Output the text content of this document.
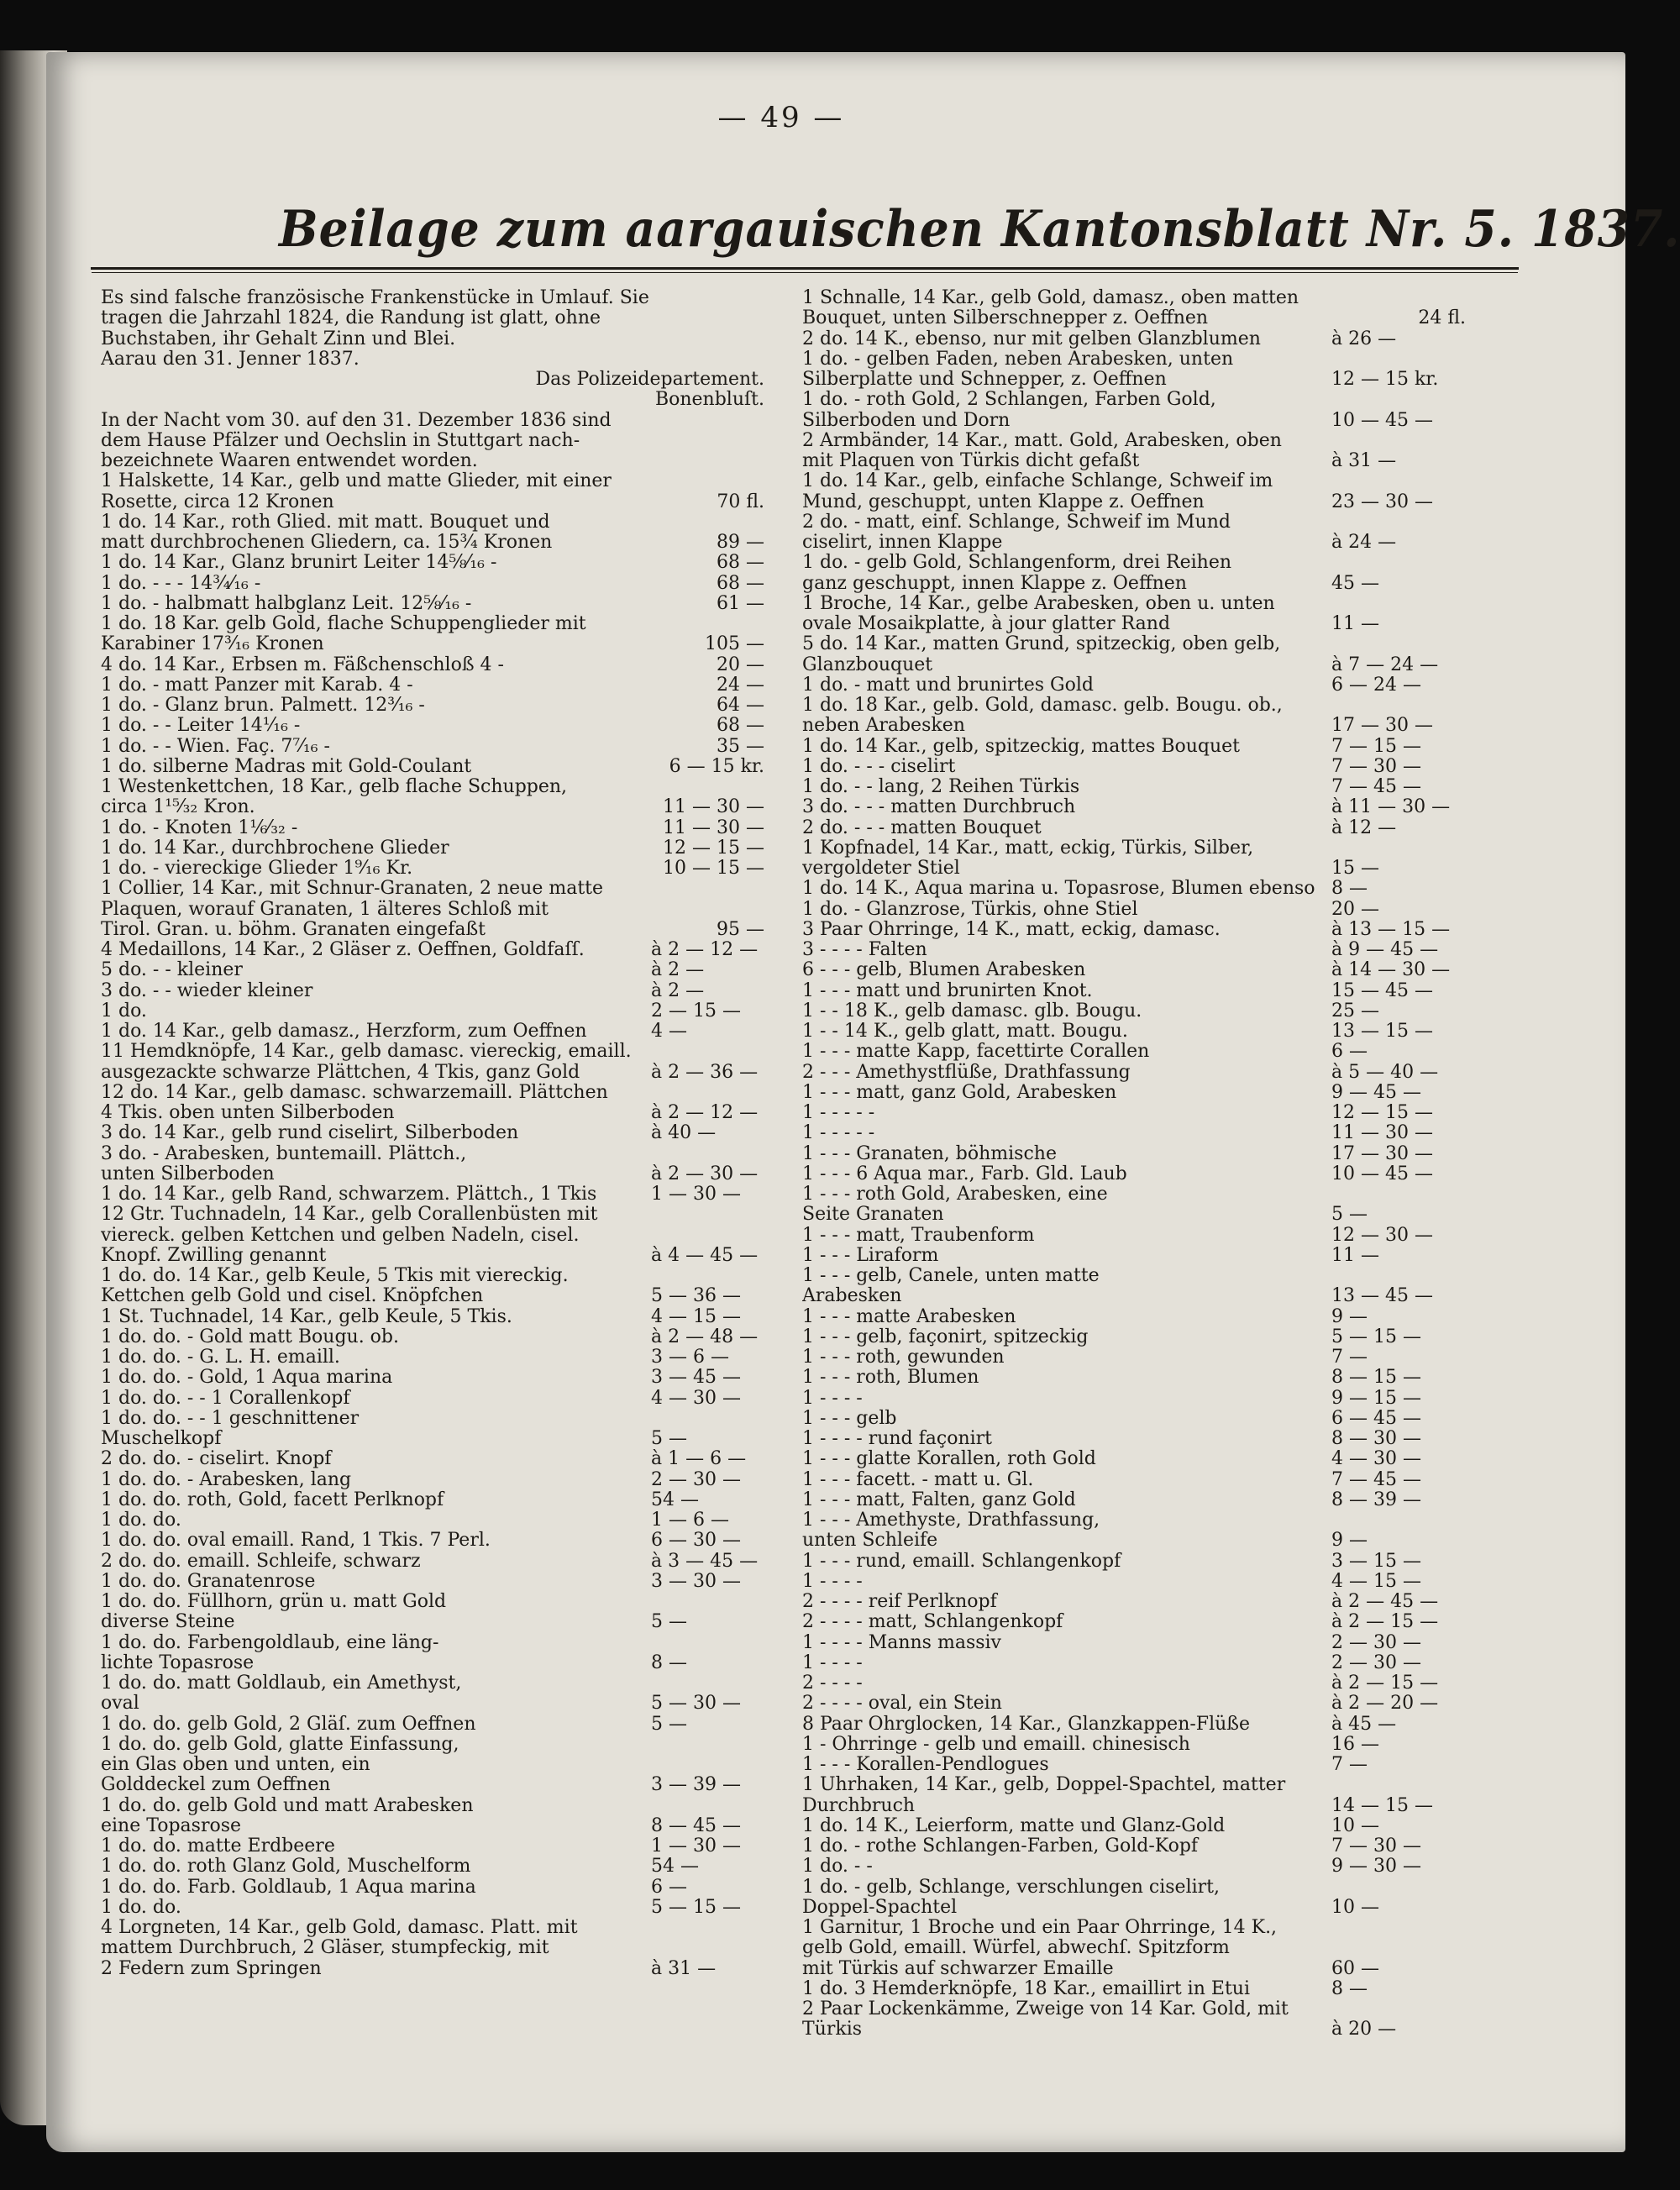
— 49 —
Beilage zum aargauischen Kantonsblatt Nr. 5. 1837.
Es sind falsche französische Frankenstücke in Umlauf. Sie
tragen die Jahrzahl 1824, die Randung ist glatt, ohne
Buchstaben, ihr Gehalt Zinn und Blei.
Aarau den 31. Jenner 1837.
Das Polizeidepartement.
Bonenbluſt.
In der Nacht vom 30. auf den 31. Dezember 1836 sind
dem Hause Pfälzer und Oechslin in Stuttgart nach-
bezeichnete Waaren entwendet worden.
1 Halskette, 14 Kar., gelb und matte Glieder, mit einer
Rosette, circa 12 Kronen	70 fl.
1 do. 14 Kar., roth Glied. mit matt. Bouquet und
matt durchbrochenen Gliedern, ca. 15¾ Kronen	89 —
1 do. 14 Kar., Glanz brunirt Leiter 14⅝⁄₁₆ -	68 —
1 do. - - - 14¾⁄₁₆ -	68 —
1 do. - halbmatt halbglanz Leit. 12⅝⁄₁₆ -	61 —
1 do. 18 Kar. gelb Gold, flache Schuppenglieder mit
Karabiner 17³⁄₁₆ Kronen	105 —
4 do. 14 Kar., Erbsen m. Fäßchenschloß 4 -	20 —
1 do. - matt Panzer mit Karab. 4 -	24 —
1 do. - Glanz brun. Palmett. 12³⁄₁₆ -	64 —
1 do. - - Leiter 14⅟₁₆ -	68 —
1 do. - - Wien. Faç. 7⁷⁄₁₆ -	35 —
1 do. silberne Madras mit Gold-Coulant	6 — 15 kr.
1 Westenkettchen, 18 Kar., gelb flache Schuppen,
circa 1¹⁵⁄₃₂ Kron.	11 — 30 —
1 do. - Knoten 1⅙⁄₃₂ -	11 — 30 —
1 do. 14 Kar., durchbrochene Glieder	12 — 15 —
1 do. - viereckige Glieder 1⁹⁄₁₆ Kr.	10 — 15 —
1 Collier, 14 Kar., mit Schnur-Granaten, 2 neue matte
Plaquen, worauf Granaten, 1 älteres Schloß mit
Tirol. Gran. u. böhm. Granaten eingefaßt	95 —
4 Medaillons, 14 Kar., 2 Gläser z. Oeffnen, Goldfaſſ.	à 2 — 12 —
5 do. - - kleiner	à 2 —
3 do. - - wieder kleiner	à 2 —
1 do.	2 — 15 —
1 do. 14 Kar., gelb damasz., Herzform, zum Oeffnen	4 —
11 Hemdknöpfe, 14 Kar., gelb damasc. viereckig, emaill.
ausgezackte schwarze Plättchen, 4 Tkis, ganz Gold	à 2 — 36 —
12 do. 14 Kar., gelb damasc. schwarzemaill. Plättchen
4 Tkis. oben unten Silberboden	à 2 — 12 —
3 do. 14 Kar., gelb rund ciselirt, Silberboden	à 40 —
3 do. - Arabesken, buntemaill. Plättch.,
unten Silberboden	à 2 — 30 —
1 do. 14 Kar., gelb Rand, schwarzem. Plättch., 1 Tkis	1 — 30 —
12 Gtr. Tuchnadeln, 14 Kar., gelb Corallenbüsten mit
viereck. gelben Kettchen und gelben Nadeln, cisel.
Knopf. Zwilling genannt	à 4 — 45 —
1 do. do. 14 Kar., gelb Keule, 5 Tkis mit viereckig.
Kettchen gelb Gold und cisel. Knöpfchen	5 — 36 —
1 St. Tuchnadel, 14 Kar., gelb Keule, 5 Tkis.	4 — 15 —
1 do. do. - Gold matt Bougu. ob.	à 2 — 48 —
1 do. do. - G. L. H. emaill.	3 — 6 —
1 do. do. - Gold, 1 Aqua marina	3 — 45 —
1 do. do. - - 1 Corallenkopf	4 — 30 —
1 do. do. - - 1 geschnittener
Muschelkopf	5 —
2 do. do. - ciselirt. Knopf	à 1 — 6 —
1 do. do. - Arabesken, lang	2 — 30 —
1 do. do. roth, Gold, facett Perlknopf	54 —
1 do. do.	1 — 6 —
1 do. do. oval emaill. Rand, 1 Tkis. 7 Perl.	6 — 30 —
2 do. do. emaill. Schleife, schwarz	à 3 — 45 —
1 do. do. Granatenrose	3 — 30 —
1 do. do. Füllhorn, grün u. matt Gold
diverse Steine	5 —
1 do. do. Farbengoldlaub, eine läng-
lichte Topasrose	8 —
1 do. do. matt Goldlaub, ein Amethyst,
oval	5 — 30 —
1 do. do. gelb Gold, 2 Gläſ. zum Oeffnen	5 —
1 do. do. gelb Gold, glatte Einfassung,
ein Glas oben und unten, ein
Golddeckel zum Oeffnen	3 — 39 —
1 do. do. gelb Gold und matt Arabesken
eine Topasrose	8 — 45 —
1 do. do. matte Erdbeere	1 — 30 —
1 do. do. roth Glanz Gold, Muschelform	54 —
1 do. do. Farb. Goldlaub, 1 Aqua marina	6 —
1 do. do.	5 — 15 —
4 Lorgneten, 14 Kar., gelb Gold, damasc. Platt. mit
mattem Durchbruch, 2 Gläser, stumpfeckig, mit
2 Federn zum Springen	à 31 —
1 Schnalle, 14 Kar., gelb Gold, damasz., oben matten
Bouquet, unten Silberschnepper z. Oeffnen	24 fl.
2 do. 14 K., ebenso, nur mit gelben Glanzblumen	à 26 —
1 do. - gelben Faden, neben Arabesken, unten
Silberplatte und Schnepper, z. Oeffnen	12 — 15 kr.
1 do. - roth Gold, 2 Schlangen, Farben Gold,
Silberboden und Dorn	10 — 45 —
2 Armbänder, 14 Kar., matt. Gold, Arabesken, oben
mit Plaquen von Türkis dicht gefaßt	à 31 —
1 do. 14 Kar., gelb, einfache Schlange, Schweif im
Mund, geschuppt, unten Klappe z. Oeffnen	23 — 30 —
2 do. - matt, einf. Schlange, Schweif im Mund
ciselirt, innen Klappe	à 24 —
1 do. - gelb Gold, Schlangenform, drei Reihen
ganz geschuppt, innen Klappe z. Oeffnen	45 —
1 Broche, 14 Kar., gelbe Arabesken, oben u. unten
ovale Mosaikplatte, à jour glatter Rand	11 —
5 do. 14 Kar., matten Grund, spitzeckig, oben gelb,
Glanzbouquet	à 7 — 24 —
1 do. - matt und brunirtes Gold	6 — 24 —
1 do. 18 Kar., gelb. Gold, damasc. gelb. Bougu. ob.,
neben Arabesken	17 — 30 —
1 do. 14 Kar., gelb, spitzeckig, mattes Bouquet	7 — 15 —
1 do. - - - ciselirt	7 — 30 —
1 do. - - lang, 2 Reihen Türkis	7 — 45 —
3 do. - - - matten Durchbruch	à 11 — 30 —
2 do. - - - matten Bouquet	à 12 —
1 Kopfnadel, 14 Kar., matt, eckig, Türkis, Silber,
vergoldeter Stiel	15 —
1 do. 14 K., Aqua marina u. Topasrose, Blumen ebenso 8 —
1 do. - Glanzrose, Türkis, ohne Stiel	20 —
3 Paar Ohrringe, 14 K., matt, eckig, damasc.	à 13 — 15 —
3 - - - - Falten	à 9 — 45 —
6 - - - gelb, Blumen Arabesken	à 14 — 30 —
1 - - - matt und brunirten Knot.	15 — 45 —
1 - - 18 K., gelb damasc. glb. Bougu.	25 —
1 - - 14 K., gelb glatt, matt. Bougu.	13 — 15 —
1 - - - matte Kapp, facettirte Corallen	6 —
2 - - - Amethystflüße, Drathfassung	à 5 — 40 —
1 - - - matt, ganz Gold, Arabesken	9 — 45 —
1 - - - - -	12 — 15 —
1 - - - - -	11 — 30 —
1 - - - Granaten, böhmische	17 — 30 —
1 - - - 6 Aqua mar., Farb. Gld. Laub	10 — 45 —
1 - - - roth Gold, Arabesken, eine
Seite Granaten	5 —
1 - - - matt, Traubenform	12 — 30 —
1 - - - Liraform	11 —
1 - - - gelb, Canele, unten matte
Arabesken	13 — 45 —
1 - - - matte Arabesken	9 —
1 - - - gelb, façonirt, spitzeckig	5 — 15 —
1 - - - roth, gewunden	7 —
1 - - - roth, Blumen	8 — 15 —
1 - - - -	9 — 15 —
1 - - - gelb	6 — 45 —
1 - - - - rund façonirt	8 — 30 —
1 - - - glatte Korallen, roth Gold	4 — 30 —
1 - - - facett. - matt u. Gl.	7 — 45 —
1 - - - matt, Falten, ganz Gold	8 — 39 —
1 - - - Amethyste, Drathfassung,
unten Schleife	9 —
1 - - - rund, emaill. Schlangenkopf	3 — 15 —
1 - - - -	4 — 15 —
2 - - - - reif Perlknopf	à 2 — 45 —
2 - - - - matt, Schlangenkopf	à 2 — 15 —
1 - - - - Manns massiv	2 — 30 —
1 - - - -	2 — 30 —
2 - - - -	à 2 — 15 —
2 - - - - oval, ein Stein	à 2 — 20 —
8 Paar Ohrglocken, 14 Kar., Glanzkappen-Flüße	à 45 —
1 - Ohrringe - gelb und emaill. chinesisch	16 —
1 - - - Korallen-Pendlogues	7 —
1 Uhrhaken, 14 Kar., gelb, Doppel-Spachtel, matter
Durchbruch	14 — 15 —
1 do. 14 K., Leierform, matte und Glanz-Gold	10 —
1 do. - rothe Schlangen-Farben, Gold-Kopf	7 — 30 —
1 do. - -	9 — 30 —
1 do. - gelb, Schlange, verschlungen ciselirt,
Doppel-Spachtel	10 —
1 Garnitur, 1 Broche und ein Paar Ohrringe, 14 K.,
gelb Gold, emaill. Würfel, abwechſ. Spitzform
mit Türkis auf schwarzer Emaille	60 —
1 do. 3 Hemderknöpfe, 18 Kar., emaillirt in Etui	8 —
2 Paar Lockenkämme, Zweige von 14 Kar. Gold, mit
Türkis	à 20 —
